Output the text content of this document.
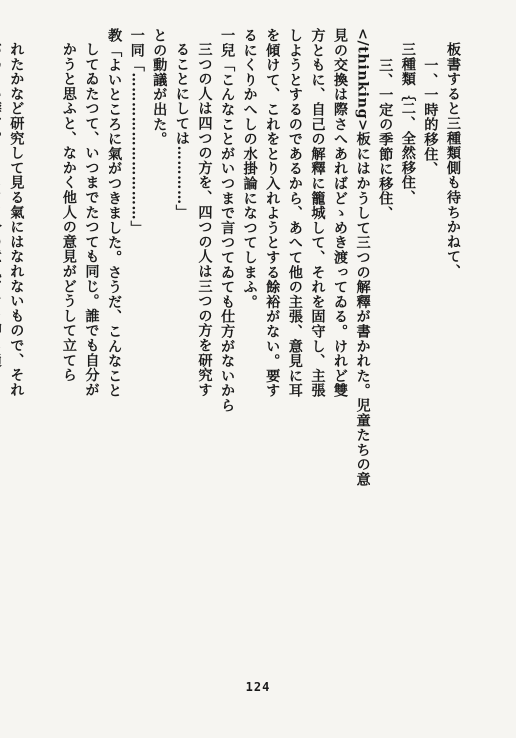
板書すると三種類側も待ちかねて、
一、一時的移住、
三種類｛二、全然移住、
三、一定の季節に移住、
</thinking>板にはかうして三つの解釋が書かれた。児童たちの意
見の交換は際さへあればどゝめき渡ってゐる。けれど雙
方ともに、自己の解釋に籠城して、それを固守し、主張
しようとするのであるから、あへて他の主張、意見に耳
を傾けて、これをとり入れようとする餘裕がない。要す
るにくりかへしの水掛論になつてしまふ。
一兒「こんなことがいつまで言つてゐても仕方がないから
三つの人は四つの方を、四つの人は三つの方を研究す
ることにしては…………」
との動議が出た。
一同「…………………………」
教「よいところに氣がつきました。さうだ、こんなこと
してゐたつて、いつまでたつても同じ。誰でも自分が
かうと思ふと、なかく他人の意見がどうして立てら
れたかなど研究して見る氣にはなれないもので、それ
124
